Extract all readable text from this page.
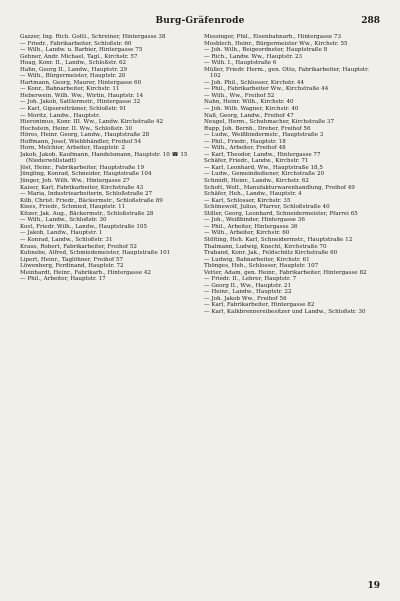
Burg-Gräfenrode	288

Gazzer, Ing. Rich. Gottl., Schreiner, Hintergasse 38

— Friedr., Fabrikarbeiter, Schloßstr. 60

— Wilh., Landw. u. Barbier, Hintergasse 75

Gehner, Andr. Michael, Tagl., Kirchstr. 57

Hoag, Konr. II., Landw., Schloßstr. 62

Hahn, Georg II., Landw., Hauptstr. 29

— Wilh., Bürgermeister, Hauptstr. 20

Hartmann, Georg, Maurer, Hintergasse 60

— Konr., Bahnarbeiter, Kirchstr. 11

Heberwein, Wilh. Ww., Wirtin, Hauptstr. 14

— Joh. Jakob, Sattlermstr., Hintergasse 32

— Karl, Gipsereiträmer, Schloßstr. 91

— Moritz, Landw., Hauptstr.

Hieronimus, Konr. III. Ww., Landw. Kirchstraße 42

Hochstein, Heinr. II. Ww., Schloßstr. 30

Höres, Heinr. Georg, Landw., Hauptstraße 28

Hoffmann, Josef, Wiebbhändler, Freihof 54

Horn, Melchior, Arbeiter, Hauptstr. 2

Jakob, Jakob, Kaufmann, Handelsmann, Hauptstr. 10 ☎ 15 (Niederwöllstadt)

Jöst, Heinr., Fabrikarbeiter, Hauptstraße 19

Jüngling, Konrad, Schneider, Hauptstraße 104

Jünger, Joh. Wilh. Ww., Hintergasse 27

Kaiser, Karl, Fabrikarbeiter, Kirchstraße 43

— Maria, Industriearbeiterin, Schloßstraße 27

Kilb, Christ. Friedr., Bäckermstr., Schloßstraße 89

Kiees, Friedr., Schmied, Hauptstr. 11

Kitzer, Jak. Aug., Bäckermstr., Schloßstraße 28

— Wilh., Landw., Schloßstr. 30

Kost, Friedr. Wilh., Landw., Hauptstraße 105

— Jakob, Landw., Hauptstr. 1

— Konrad, Landw., Schloßstr. 31

Kraus, Robert, Fabrikarbeiter, Freihof 52

Kuhnebe, Alfred, Schmiedemeister, Hauptstraße 101

Lipert, Heinr., Taglöhner, Freihof 57

Löwenberg, Ferdinand, Hauptstr. 72

Meinhardt, Heinr., Fabrikarb., Hintergasse 42

— Phil., Arbeiter, Hauptstr. 17

Messinger, Phil., Eisenbahnarb., Hintergasse 73

Mosblech, Heinr., Bürgermeister Ww., Kirchstr. 55

— Joh. Wilh., Beigeordneter, Hauptstraße 8

— Rich., Landw. Ww., Hauptstr. 23

— Wilh. I., Hauptstraße 6

Müller, Friedr. Herm., gen. Otto, Fabrikarbeiter, Hauptstr. 102

— Joh. Phil., Schlosser, Kirchstr. 44

— Phil., Fabrikarbeiter Ww., Kirchstraße 44

— Wilh., Ww., Freihof 52

Nahn, Heinr. Wilh., Kirchstr. 40

— Joh. Wilh. Wagner, Kirchstr. 40

Naß, Georg, Landw., Freihof 47

Neugel, Herm., Schuhmacher, Kirchstraße 37

Rupp, Joh. Bernh., Dreher, Freihof 56

— Ludw., Weißbindermstr., Hauptstraße 3

— Phil., Friedr., Hauptstr. 18

— Wilh., Arbeiter, Freihof 48

— Karl, Theodor, Landw., Hintergasse 77

Schäfer, Friedr., Landw., Kirchstr. 71

— Karl, Leonhard, Ww., Hauptstraße 18,5

— Ludw., Gemeindediener, Kirchstraße 20

Schmidt, Heinr., Landw., Kirchstr. 62

Schott, Wolf., Manufakturwarenhandlung, Freihof 49

Schäfer, Heh., Landw., Hauptstr. 4

— Karl, Schlosser, Kirchstr. 35

Schönewolf, Julius, Pfarrer, Schloßstraße 40

Stiller, Georg, Leonhard, Schneidermeister, Pfarrei 65

— Joh., Weißbinder, Hintergasse 36

— Phil., Arbeiter, Hintergasse 36

— Wilh., Arbeiter, Kirchstr. 60

Stölting, Heh. Karl, Schneidermstr., Hauptstraße 12

Thalmann, Ludwig, Knecht, Kirchstraße 70

Traband, Konr. Jak., Feldschütz Kirchstraße 60

— Ludwig, Bahnarbeiter, Kirchstr. 61

Thönges, Heh., Schlosser, Hauptstr. 107

Vetter, Adam, gen. Heinr., Fabrikarbeiter, Hintergasse 82

— Friedr. II., Lehrer, Hauptstr. 7

— Georg II., Ww., Hauptstr. 21

— Heinr., Landw., Hauptstr. 22

— Joh. Jakob Ww., Freihof 56

— Karl, Fabrikarbeiter, Hintergasse 82

— Karl, Kalkbrennereibesitzer und Landw., Schloßstr. 30

19
